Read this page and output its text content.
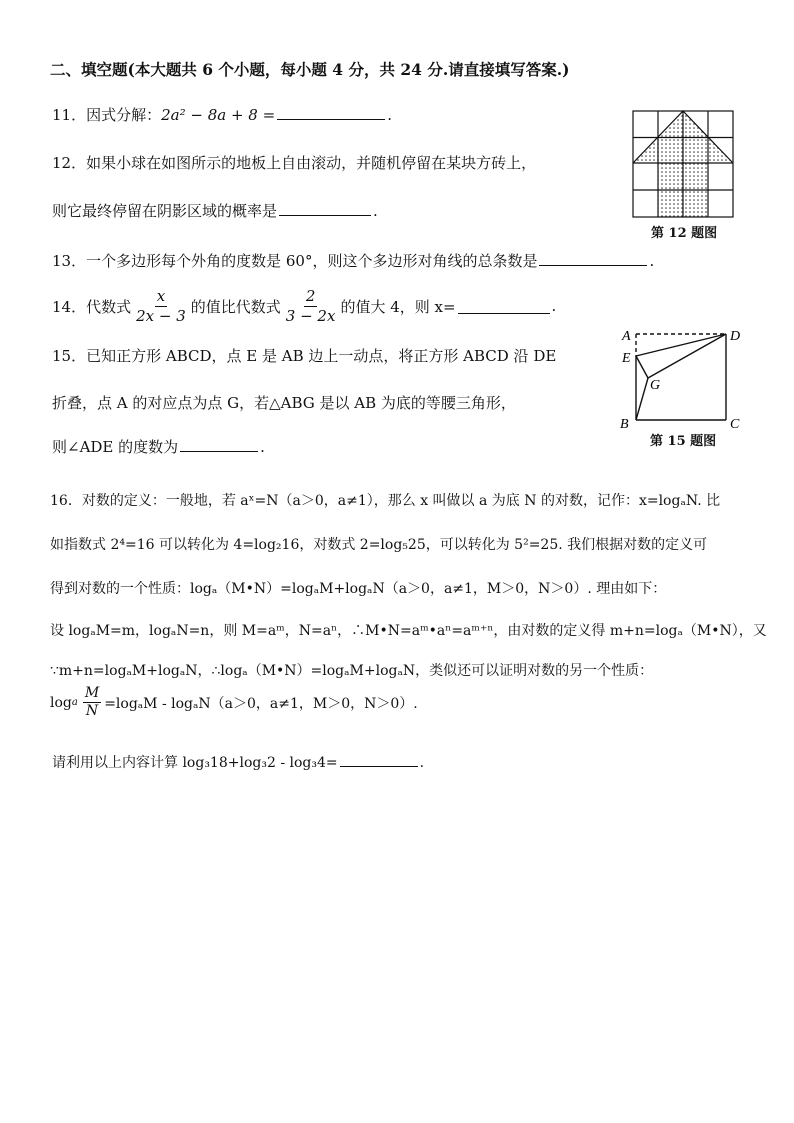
二、填空题(本大题共 6 个小题，每小题 4 分，共 24 分.请直接填写答案.)
11．因式分解：2a² − 8a + 8 =	.
12．如果小球在如图所示的地板上自由滚动，并随机停留在某块方砖上，
则它最终停留在阴影区域的概率是	.
第 12 题图
13．一个多边形每个外角的度数是 60°，则这个多边形对角线的总条数是	.
14． 代数式 $\frac{x}{2x - 3}$ 的值比代数式 $\frac{2}{3 - 2x}$ 的值大 4，则 x=	.
15．已知正方形 ABCD，点 E 是 AB 边上一动点，将正方形 ABCD 沿 DE
折叠，点 A 的对应点为点 G，若△ABG 是以 AB 为底的等腰三角形，
则∠ADE 的度数为	.
A	D
E
G
B	C
第 15 题图
16．对数的定义：一般地，若 aˣ=N（a＞0，a≠1），那么 x 叫做以 a 为底 N 的对数，记作：x=logₐN. 比
如指数式 2⁴=16 可以转化为 4=log₂16，对数式 2=log₅25，可以转化为 5²=25. 我们根据对数的定义可
得到对数的一个性质：logₐ（M•N）=logₐM+logₐN（a＞0，a≠1，M＞0，N＞0）. 理由如下：
设 logₐM=m，logₐN=n，则 M=aᵐ，N=aⁿ，∴M•N=aᵐ•aⁿ=aᵐ⁺ⁿ，由对数的定义得 m+n=logₐ（M•N），又
∵m+n=logₐM+logₐN，∴logₐ（M•N）=logₐM+logₐN，类似还可以证明对数的另一个性质：
log a $\frac{M}{N} =\log_aM - \log_aN(a>0$，a≠1，M＞0，N＞0）.
请利用以上内容计算 log₃18+log₃2 - log₃4=	.
